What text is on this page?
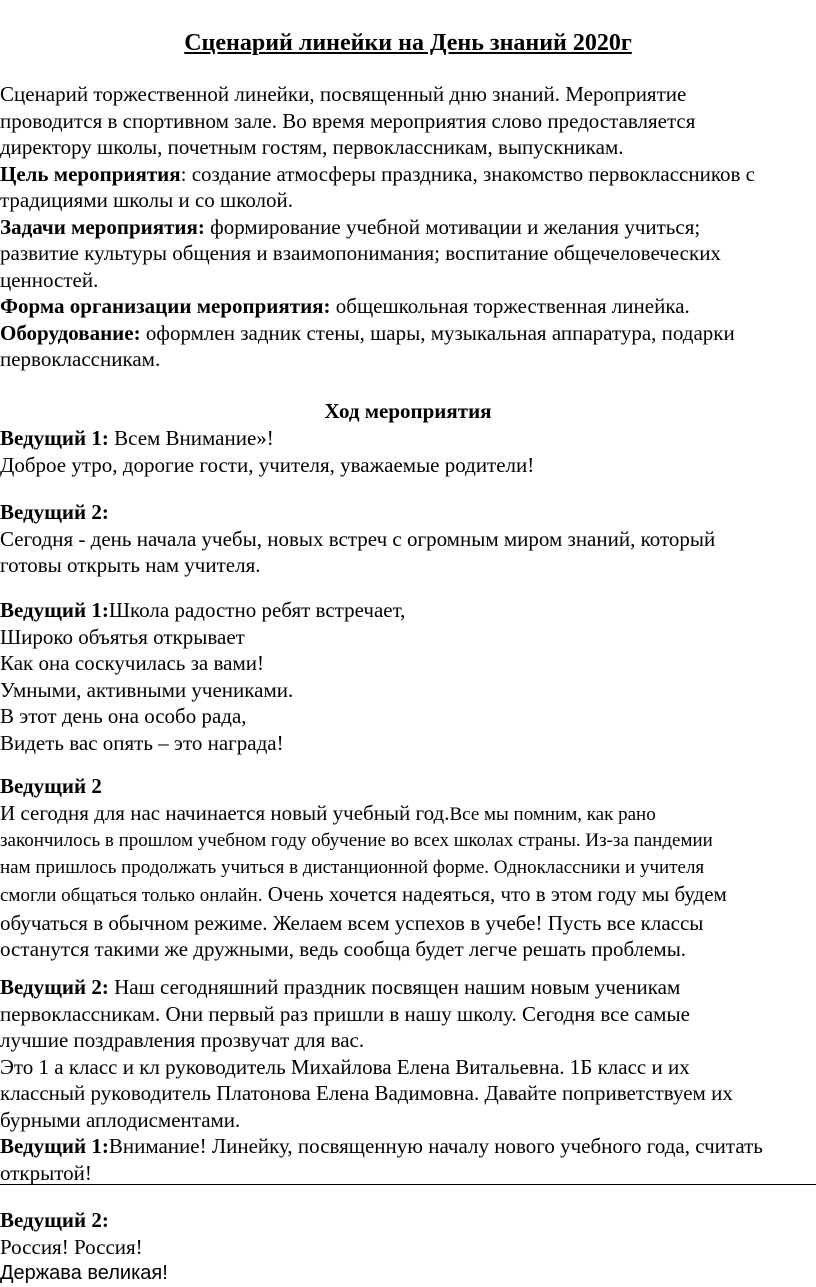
Сценарий линейки на День знаний 2020г
Сценарий торжественной линейки, посвященный дню знаний. Мероприятие
проводится в спортивном зале. Во время мероприятия слово предоставляется
директору школы, почетным гостям, первоклассникам, выпускникам.
Цель мероприятия: создание атмосферы праздника, знакомство первоклассников с
традициями школы и со школой.
Задачи мероприятия: формирование учебной мотивации и желания учиться;
развитие культуры общения и взаимопонимания; воспитание общечеловеческих
ценностей.
Форма организации мероприятия: общешкольная торжественная линейка.
Оборудование: оформлен задник стены, шары, музыкальная аппаратура, подарки
первоклассникам.
Ход мероприятия
Ведущий 1: Всем Внимание»!
Доброе утро, дорогие гости, учителя, уважаемые родители!
Ведущий 2:
Сегодня - день начала учебы, новых встреч с огромным миром знаний, который
готовы открыть нам учителя.
Ведущий 1:Школа радостно ребят встречает,
Широко объятья открывает
Как она соскучилась за вами!
Умными, активными учениками.
В этот день она особо рада,
Видеть вас опять – это награда!
Ведущий 2
И сегодня для нас начинается новый учебный год.Все мы помним, как рано
закончилось в прошлом учебном году обучение во всех школах страны. Из-за пандемии
нам пришлось продолжать учиться в дистанционной форме. Одноклассники и учителя
смогли общаться только онлайн. Очень хочется надеяться, что в этом году мы будем
обучаться в обычном режиме. Желаем всем успехов в учебе! Пусть все классы
останутся такими же дружными, ведь сообща будет легче решать проблемы.
Ведущий 2: Наш сегодняшний праздник посвящен нашим новым ученикам
первоклассникам. Они первый раз пришли в нашу школу. Сегодня все самые
лучшие поздравления прозвучат для вас.
Это 1 а класс и кл руководитель Михайлова Елена Витальевна. 1Б класс и их
классный руководитель Платонова Елена Вадимовна. Давайте поприветствуем их
бурными аплодисментами.
Ведущий 1:Внимание! Линейку, посвященную началу нового учебного года, считать
открытой!
Ведущий 2:
Россия! Россия!
Держава великая!
